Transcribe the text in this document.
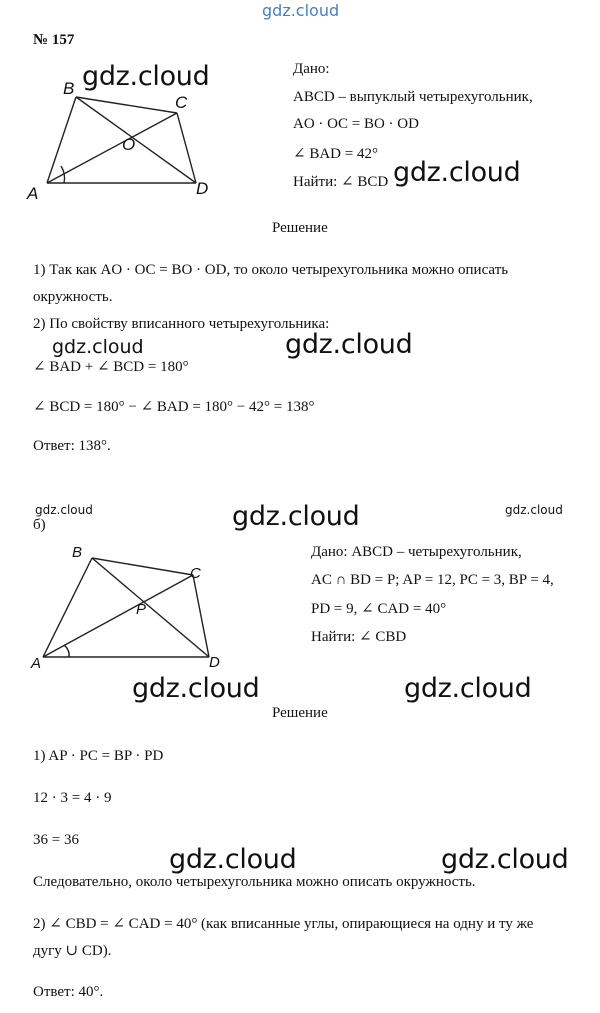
gdz.cloud
№ 157
B
C
O
A	D
gdz.cloud	Дано:
ABCD – выпуклый четырехугольник,
AO · OC = BO · OD
∠ BAD = 42°
Найти: ∠ BCD gdz.cloud
Решение
1) Так как AO · OC = BO · OD, то около четырехугольника можно описать
окружность.
2) По свойству вписанного четырехугольника:
gdz.cloud	gdz.cloud
∠ BAD + ∠ BCD = 180°
∠ BCD = 180° − ∠ BAD = 180° − 42° = 138°
Ответ: 138°.
gdz.cloud	gdz.cloud
gdz.cloud
б)
B
C
P
A	D
Дано: ABCD – четырехугольник,
AC ∩ BD = P; AP = 12, PC = 3, BP = 4,
PD = 9, ∠ CAD = 40°
Найти: ∠ CBD
gdz.cloud	gdz.cloud
Решение
1) AP · PC = BP · PD
12 · 3 = 4 · 9
36 = 36
gdz.cloud	gdz.cloud
Следовательно, около четырехугольника можно описать окружность.
2) ∠ CBD = ∠ CAD = 40° (как вписанные углы, опирающиеся на одну и ту же
дугу ∪ CD).
Ответ: 40°.
